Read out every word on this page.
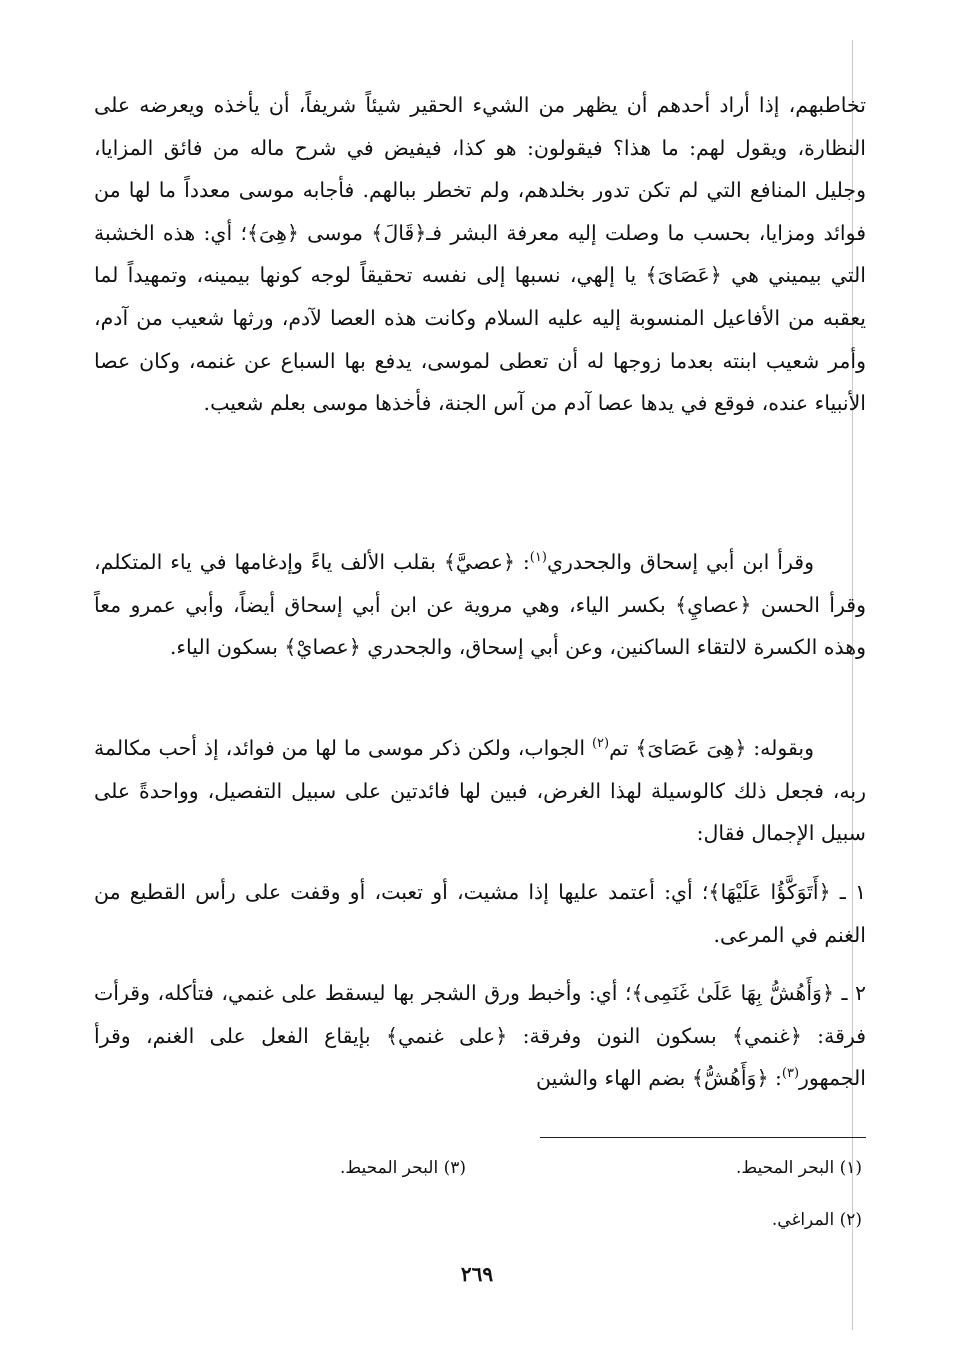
تخاطبهم، إذا أراد أحدهم أن يظهر من الشيء الحقير شيئاً شريفاً، أن يأخذه ويعرضه على النظارة، ويقول لهم: ما هذا؟ فيقولون: هو كذا، فيفيض في شرح ماله من فائق المزايا، وجليل المنافع التي لم تكن تدور بخلدهم، ولم تخطر ببالهم. فأجابه موسى معدداً ما لها من فوائد ومزايا، بحسب ما وصلت إليه معرفة البشر فـ﴿قَالَ﴾ موسى ﴿هِىَ﴾؛ أي: هذه الخشبة التي بيميني هي ﴿عَصَاىَ﴾ يا إلهي، نسبها إلى نفسه تحقيقاً لوجه كونها بيمينه، وتمهيداً لما يعقبه من الأفاعيل المنسوبة إليه عليه السلام وكانت هذه العصا لآدم، ورثها شعيب من آدم، وأمر شعيب ابنته بعدما زوجها له أن تعطى لموسى، يدفع بها السباع عن غنمه، وكان عصا الأنبياء عنده، فوقع في يدها عصا آدم من آس الجنة، فأخذها موسى بعلم شعيب.

وقرأ ابن أبي إسحاق والجحدري$^{(١)}$: ﴿عصيَّ﴾ بقلب الألف ياءً وإدغامها في ياء المتكلم، وقرأ الحسن ﴿عصايِ﴾ بكسر الياء، وهي مروية عن ابن أبي إسحاق أيضاً، وأبي عمرو معاً وهذه الكسرة لالتقاء الساكنين، وعن أبي إسحاق، والجحدري ﴿عصايْ﴾ بسكون الياء.

وبقوله: ﴿هِىَ عَصَاىَ﴾ تم$^{(٢)}$ الجواب، ولكن ذكر موسى ما لها من فوائد، إذ أحب مكالمة ربه، فجعل ذلك كالوسيلة لهذا الغرض، فبين لها فائدتين على سبيل التفصيل، وواحدةً على سبيل الإجمال فقال:

١ ـ ﴿أَتَوَكَّؤُا عَلَيْهَا﴾؛ أي: أعتمد عليها إذا مشيت، أو تعبت، أو وقفت على رأس القطيع من الغنم في المرعى.

٢ ـ ﴿وَأَهُشُّ بِهَا عَلَىٰ غَنَمِى﴾؛ أي: وأخبط ورق الشجر بها ليسقط على غنمي، فتأكله، وقرأت فرقة: ﴿غنمي﴾ بسكون النون وفرقة: ﴿على غنمي﴾ بإيقاع الفعل على الغنم، وقرأ الجمهور$^{(٣)}$: ﴿وَأَهُشُّ﴾ بضم الهاء والشين

(١) البحر المحيط.
(٣) البحر المحيط.
(٢) المراغي.
٢٦٩
